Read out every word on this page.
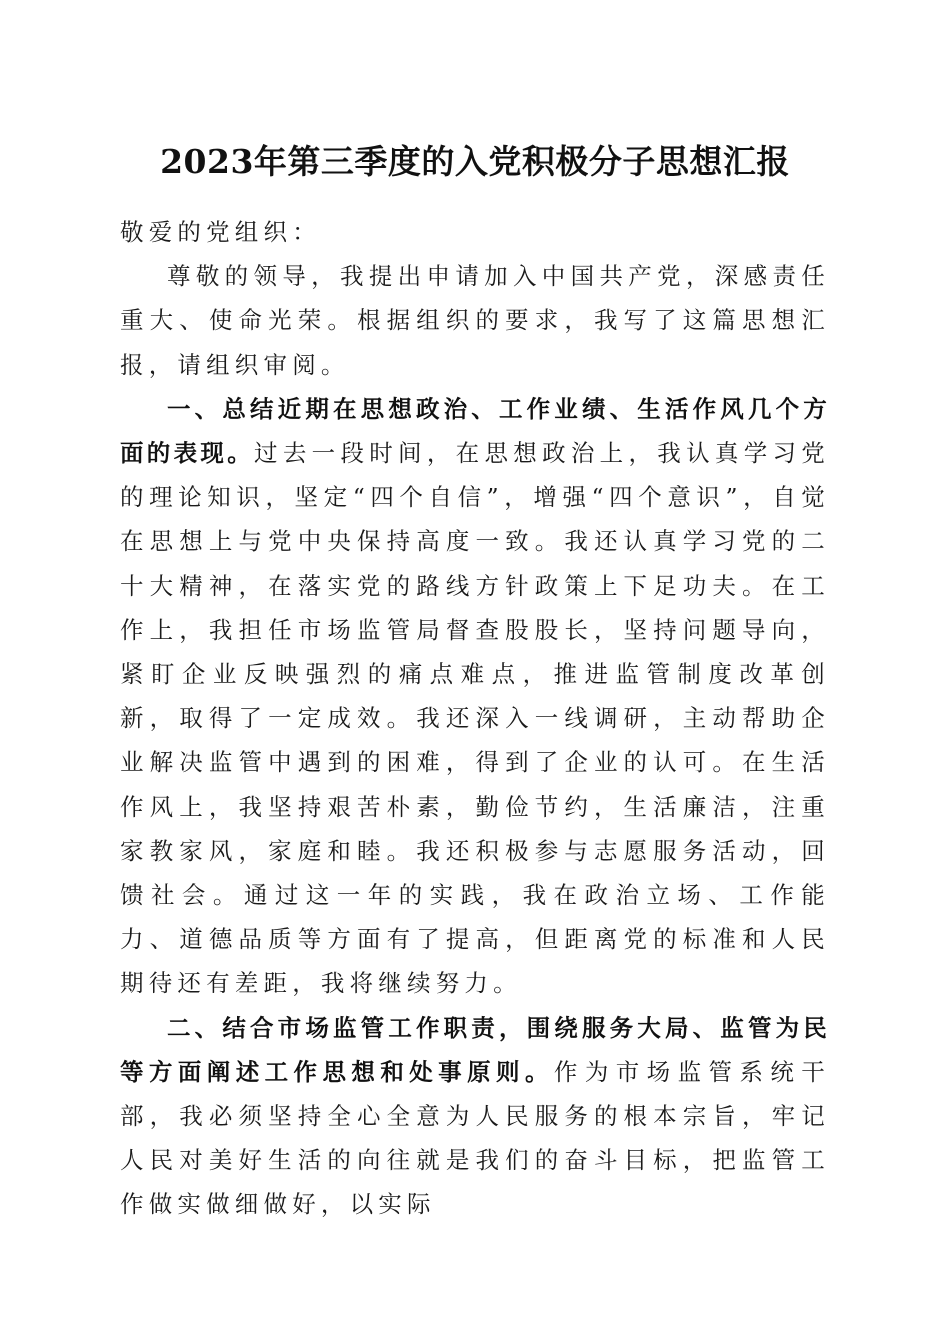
2023年第三季度的入党积极分子思想汇报

敬爱的党组织：

尊敬的领导，我提出申请加入中国共产党，深感责任重大、使命光荣。根据组织的要求，我写了这篇思想汇报，请组织审阅。

一、总结近期在思想政治、工作业绩、生活作风几个方面的表现。过去一段时间，在思想政治上，我认真学习党的理论知识，坚定“四个自信”，增强“四个意识”，自觉在思想上与党中央保持高度一致。我还认真学习党的二十大精神，在落实党的路线方针政策上下足功夫。在工作上，我担任市场监管局督查股股长，坚持问题导向，紧盯企业反映强烈的痛点难点，推进监管制度改革创新，取得了一定成效。我还深入一线调研，主动帮助企业解决监管中遇到的困难，得到了企业的认可。在生活作风上，我坚持艰苦朴素，勤俭节约，生活廉洁，注重家教家风，家庭和睦。我还积极参与志愿服务活动，回馈社会。通过这一年的实践，我在政治立场、工作能力、道德品质等方面有了提高，但距离党的标准和人民期待还有差距，我将继续努力。

二、结合市场监管工作职责，围绕服务大局、监管为民等方面阐述工作思想和处事原则。作为市场监管系统干部，我必须坚持全心全意为人民服务的根本宗旨，牢记人民对美好生活的向往就是我们的奋斗目标，把监管工作做实做细做好，以实际
